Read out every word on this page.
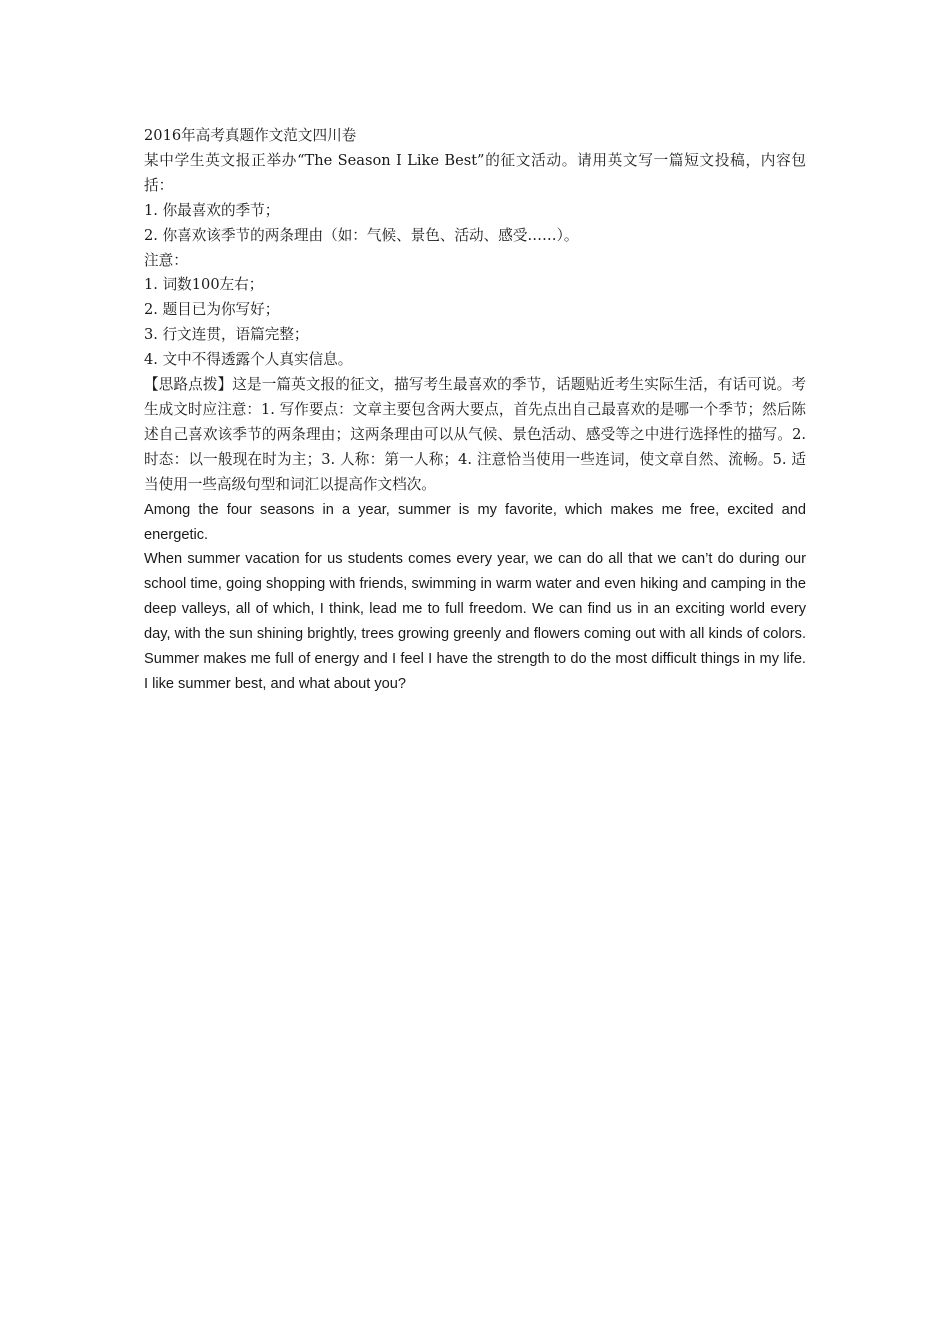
2016年高考真题作文范文四川卷

某中学生英文报正举办“The Season I Like Best”的征文活动。请用英文写一篇短文投稿，内容包括：

1. 你最喜欢的季节；

2. 你喜欢该季节的两条理由（如：气候、景色、活动、感受……）。

注意：

1. 词数100左右；

2. 题目已为你写好；

3. 行文连贯，语篇完整；

4. 文中不得透露个人真实信息。

【思路点拨】这是一篇英文报的征文，描写考生最喜欢的季节，话题贴近考生实际生活，有话可说。考生成文时应注意：1. 写作要点：文章主要包含两大要点，首先点出自己最喜欢的是哪一个季节；然后陈述自己喜欢该季节的两条理由；这两条理由可以从气候、景色活动、感受等之中进行选择性的描写。2. 时态：以一般现在时为主；3. 人称：第一人称；4. 注意恰当使用一些连词，使文章自然、流畅。5. 适当使用一些高级句型和词汇以提高作文档次。

Among the four seasons in a year, summer is my favorite, which makes me free, excited and energetic.

When summer vacation for us students comes every year, we can do all that we can’t do during our school time, going shopping with friends, swimming in warm water and even hiking and camping in the deep valleys, all of which, I think, lead me to full freedom. We can find us in an exciting world every day, with the sun shining brightly, trees growing greenly and flowers coming out with all kinds of colors. Summer makes me full of energy and I feel I have the strength to do the most difficult things in my life. I like summer best, and what about you?
